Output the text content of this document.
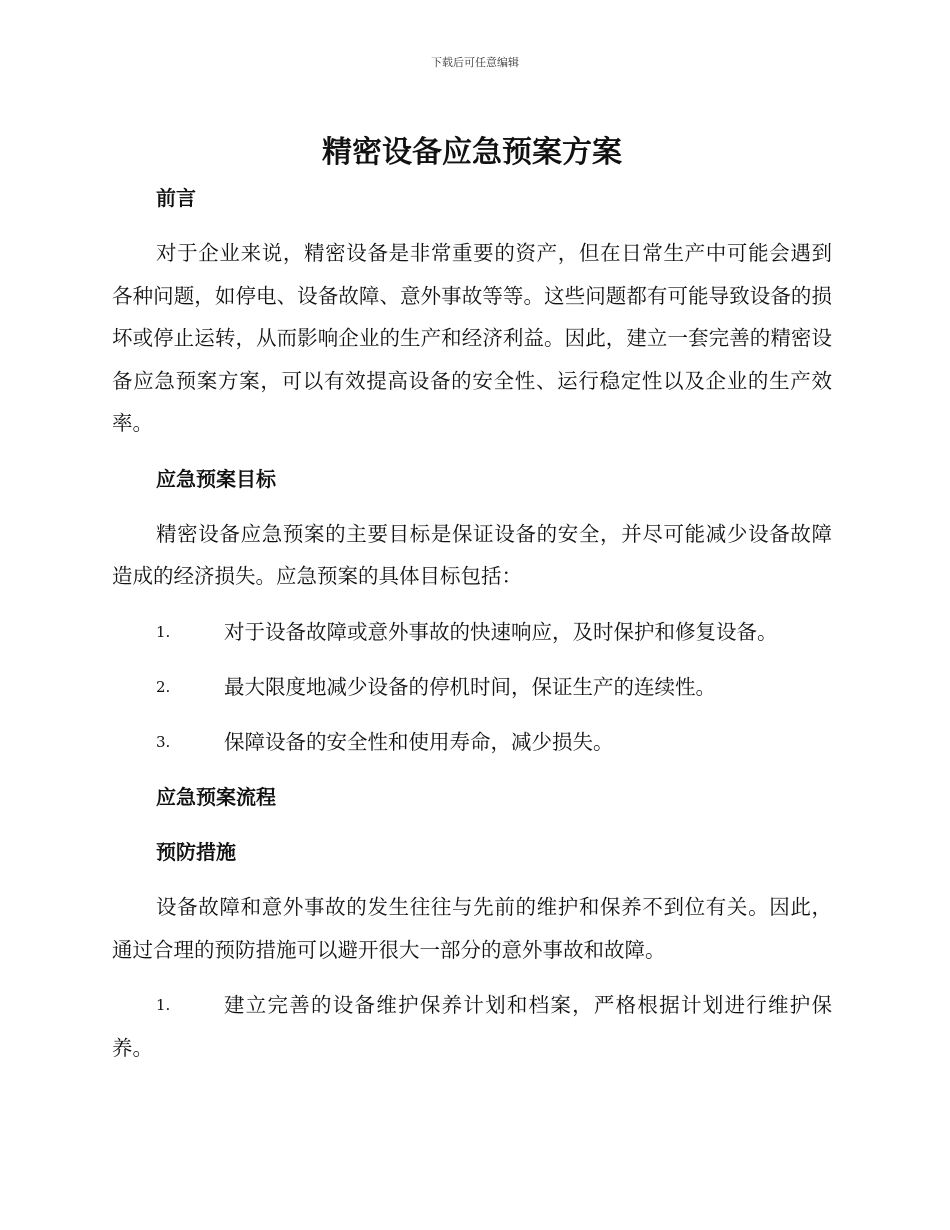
下载后可任意编辑
精密设备应急预案方案
前言

对于企业来说，精密设备是非常重要的资产，但在日常生产中可能会遇到各种问题，如停电、设备故障、意外事故等等。这些问题都有可能导致设备的损坏或停止运转，从而影响企业的生产和经济利益。因此，建立一套完善的精密设备应急预案方案，可以有效提高设备的安全性、运行稳定性以及企业的生产效率。

应急预案目标

精密设备应急预案的主要目标是保证设备的安全，并尽可能减少设备故障造成的经济损失。应急预案的具体目标包括：

1.	对于设备故障或意外事故的快速响应，及时保护和修复设备。
2.	最大限度地减少设备的停机时间，保证生产的连续性。
3.	保障设备的安全性和使用寿命，减少损失。
应急预案流程
预防措施

设备故障和意外事故的发生往往与先前的维护和保养不到位有关。因此，通过合理的预防措施可以避开很大一部分的意外事故和故障。

1.	建立完善的设备维护保养计划和档案，严格根据计划进行维护保养。
